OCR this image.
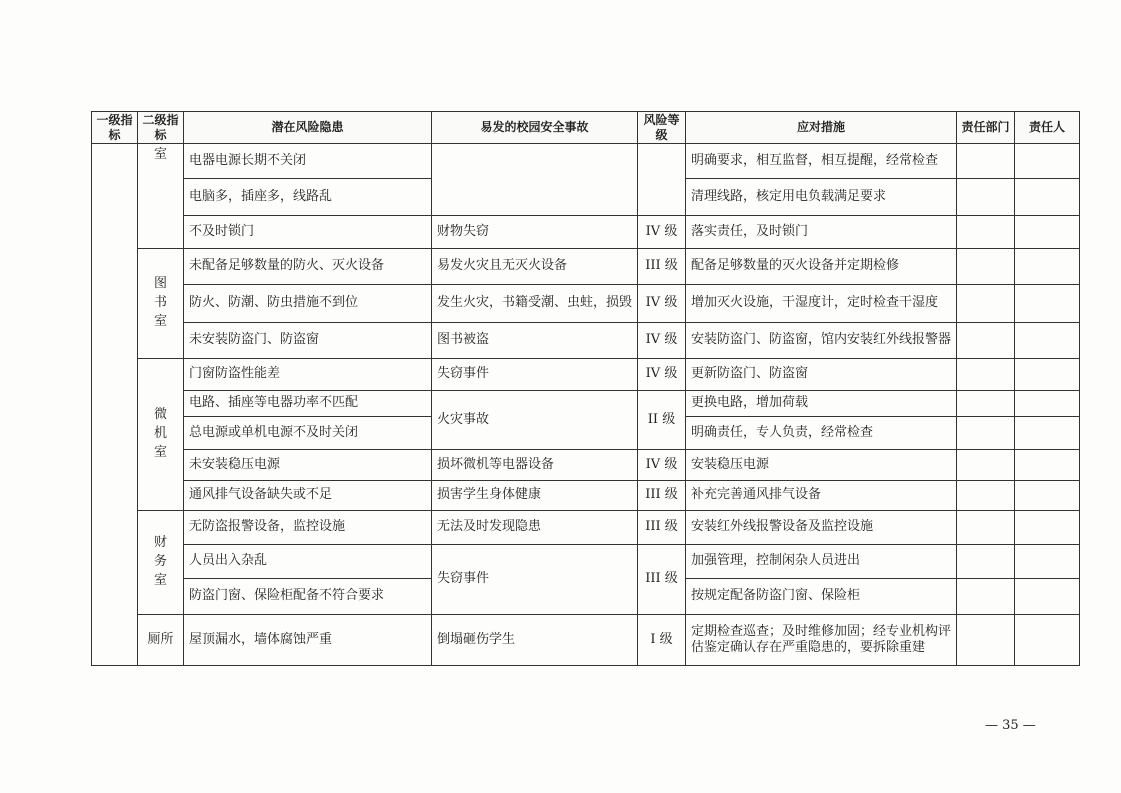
一级指标	二级指标	潜在风险隐患	易发的校园安全事故	风险等级	应对措施	责任部门	责任人
	室	电器电源长期不关闭			明确要求，相互监督，相互提醒，经常检查		
		电脑多，插座多，线路乱			清理线路，核定用电负载满足要求		
		不及时锁门	财物失窃	IV 级	落实责任，及时锁门		
	图书室	未配备足够数量的防火、灭火设备	易发火灾且无灭火设备	III 级	配备足够数量的灭火设备并定期检修		
		防火、防潮、防虫措施不到位	发生火灾，书籍受潮、虫蛀，损毁	IV 级	增加灭火设施，干湿度计，定时检查干湿度		
		未安装防盗门、防盗窗	图书被盗	IV 级	安装防盗门、防盗窗，馆内安装红外线报警器		
	微机室	门窗防盗性能差	失窃事件	IV 级	更新防盗门、防盗窗		
		电路、插座等电器功率不匹配	火灾事故	II 级	更换电路，增加荷载		
		总电源或单机电源不及时关闭			明确责任，专人负责，经常检查		
		未安装稳压电源	损坏微机等电器设备	IV 级	安装稳压电源		
		通风排气设备缺失或不足	损害学生身体健康	III 级	补充完善通风排气设备		
	财务室	无防盗报警设备，监控设施	无法及时发现隐患	III 级	安装红外线报警设备及监控设施		
		人员出入杂乱	失窃事件	III 级	加强管理，控制闲杂人员进出		
		防盗门窗、保险柜配备不符合要求			按规定配备防盗门窗、保险柜		
	厕所	屋顶漏水，墙体腐蚀严重	倒塌砸伤学生	I 级	定期检查巡查；及时维修加固；经专业机构评估鉴定确认存在严重隐患的，要拆除重建		
— 35 —
